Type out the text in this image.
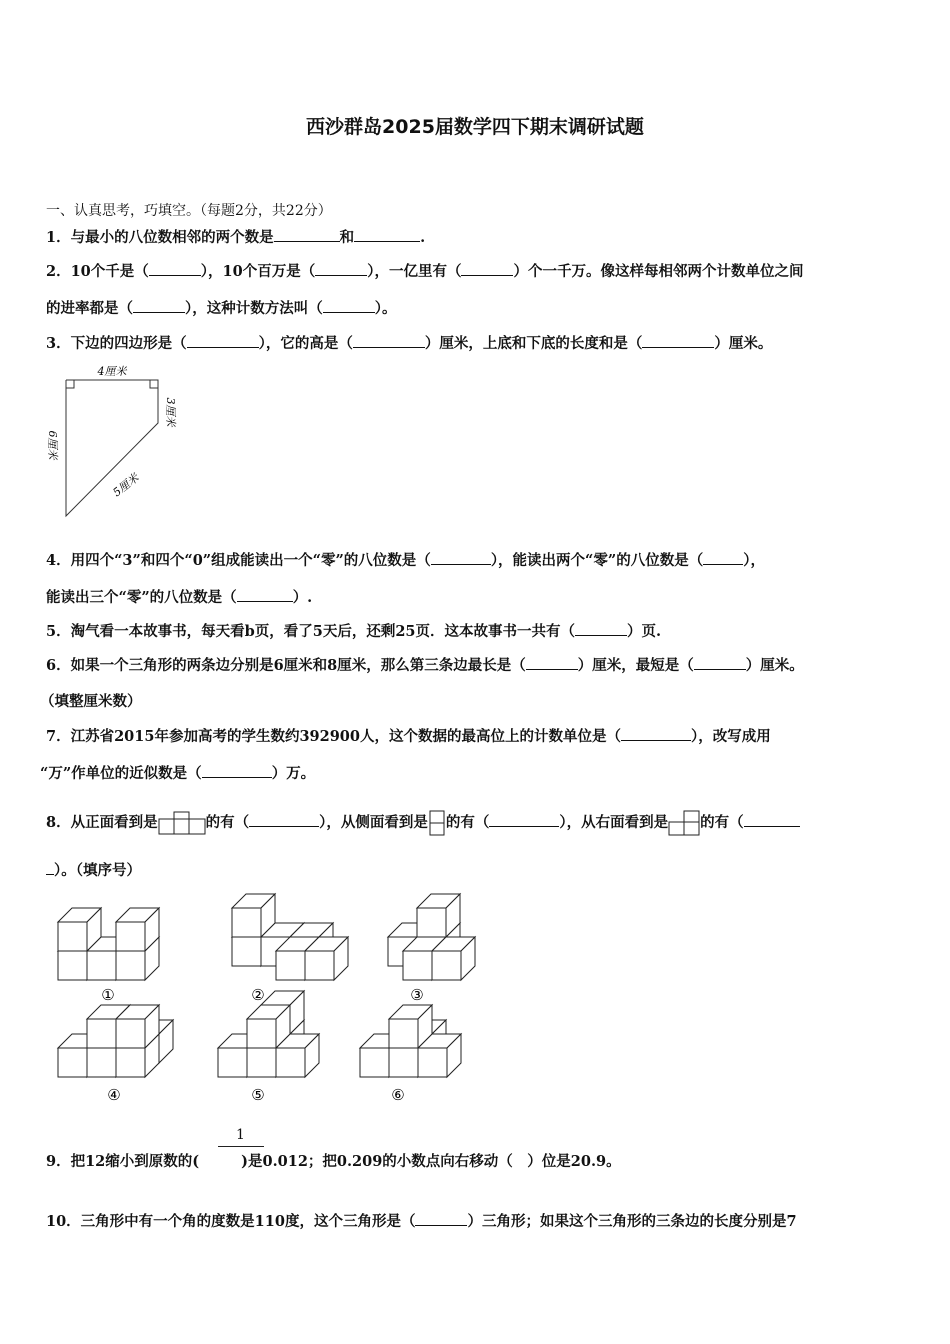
西沙群岛2025届数学四下期末调研试题
一、认真思考，巧填空。（每题2分，共22分）
1．与最小的八位数相邻的两个数是	和	.
2．10个千是（	），10个百万是（	），一亿里有（	）个一千万。像这样每相邻两个计数单位之间
的进率都是（	），这种计数方法叫（	）。
3．下边的四边形是（	），它的高是（	）厘米，上底和下底的长度和是（	）厘米。
4厘米
6厘米
3厘米
5厘米
4．用四个“3”和四个“0”组成能读出一个“零”的八位数是（	），能读出两个“零”的八位数是（	），
能读出三个“零”的八位数是（	）.
5．淘气看一本故事书，每天看b页，看了5天后，还剩25页．这本故事书一共有（	）页.
6．如果一个三角形的两条边分别是6厘米和8厘米，那么第三条边最长是（	）厘米，最短是（	）厘米。
（填整厘米数）
7．江苏省2015年参加高考的学生数约392900人，这个数据的最高位上的计数单位是（	），改写成用
“万”作单位的近似数是（	）万。
8．从正面看到是	的有（	），从侧面看到是 的有（	），从右面看到是 的有（
）。（填序号）
①	②	③
④	⑤	⑥
1
9．把12缩小到原数的(	)是0.012；把0.209的小数点向右移动（　）位是20.9。
10．三角形中有一个角的度数是110度，这个三角形是（	）三角形；如果这个三角形的三条边的长度分别是7
